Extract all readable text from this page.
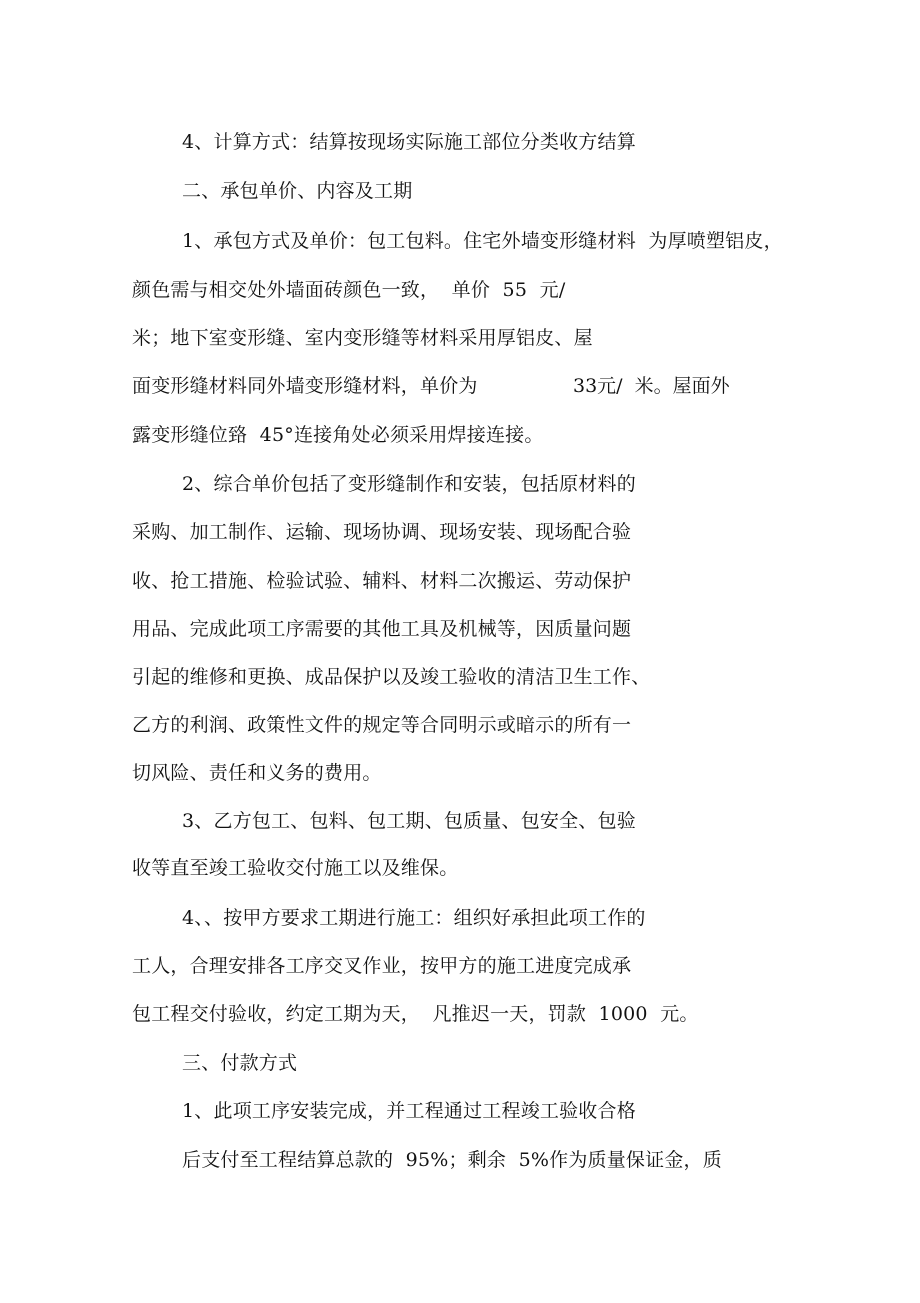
4、计算方式：结算按现场实际施工部位分类收方结算
二、承包单价、内容及工期
1、承包方式及单价：包工包料。住宅外墙变形缝材料  为厚喷塑铝皮，
颜色需与相交处外墙面砖颜色一致，  单价  55  元/
米；地下室变形缝、室内变形缝等材料采用厚铝皮、屋
面变形缝材料同外墙变形缝材料，单价为	33元/  米。屋面外
露变形缝位臵  45°连接角处必须采用焊接连接。
2、综合单价包括了变形缝制作和安装，包括原材料的
采购、加工制作、运输、现场协调、现场安装、现场配合验
收、抢工措施、检验试验、辅料、材料二次搬运、劳动保护
用品、完成此项工序需要的其他工具及机械等，因质量问题
引起的维修和更换、成品保护以及竣工验收的清洁卫生工作、
乙方的利润、政策性文件的规定等合同明示或暗示的所有一
切风险、责任和义务的费用。
3、乙方包工、包料、包工期、包质量、包安全、包验
收等直至竣工验收交付施工以及维保。
4、、按甲方要求工期进行施工：组织好承担此项工作的
工人，合理安排各工序交叉作业，按甲方的施工进度完成承
包工程交付验收，约定工期为天，  凡推迟一天，罚款  1000  元。
三、付款方式
1、此项工序安装完成，并工程通过工程竣工验收合格
后支付至工程结算总款的  95%；剩余  5%作为质量保证金，质
